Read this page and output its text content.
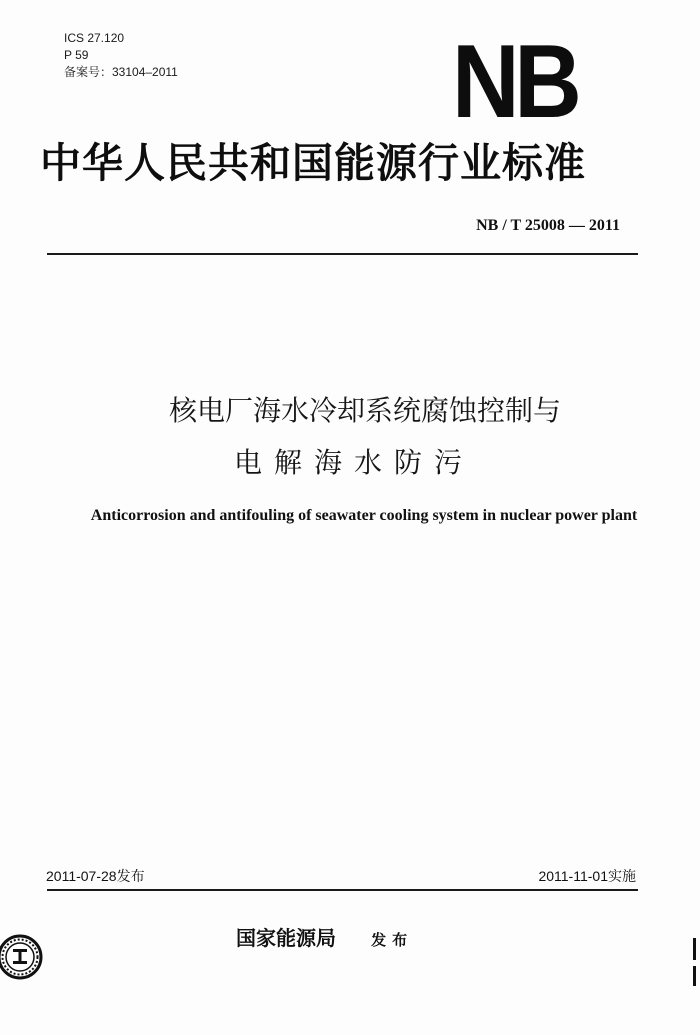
ICS 27.120
P 59
备案号：33104–2011	NB
中华人民共和国能源行业标准
NB / T 25008 — 2011
核电厂海水冷却系统腐蚀控制与
电解海水防污
Anticorrosion and antifouling of seawater cooling system in nuclear power plant
2011-07-28发布	2011-11-01实施
国家能源局 发布
